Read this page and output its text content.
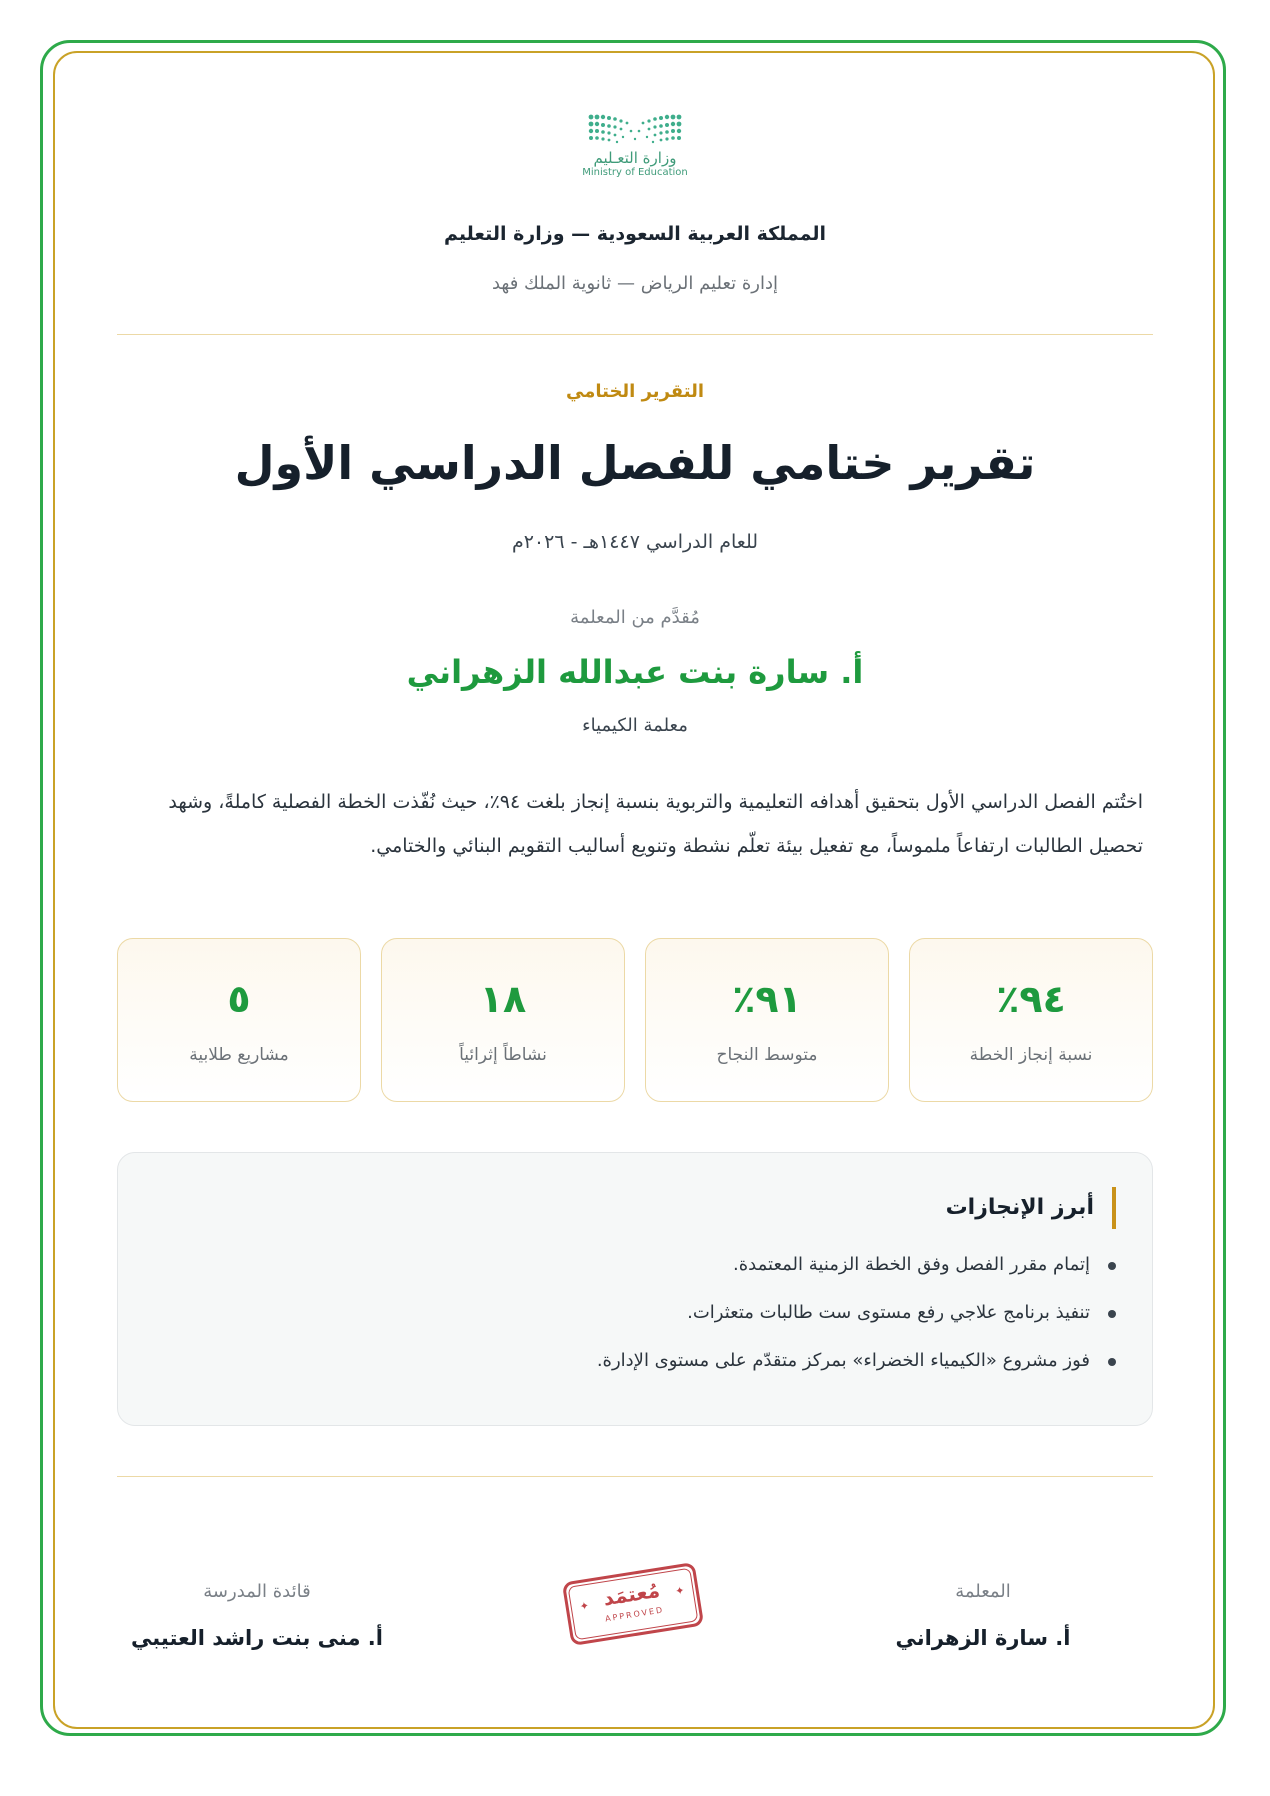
وزارة التعـليم
Ministry of Education
المملكة العربية السعودية — وزارة التعليم
إدارة تعليم الرياض — ثانوية الملك فهد
التقرير الختامي
تقرير ختامي للفصل الدراسي الأول
للعام الدراسي ١٤٤٧هـ - ٢٠٢٦م
مُقدَّم من المعلمة
أ. سارة بنت عبدالله الزهراني
معلمة الكيمياء
اختُتم الفصل الدراسي الأول بتحقيق أهدافه التعليمية والتربوية بنسبة إنجاز بلغت ٩٤٪، حيث نُفّذت الخطة الفصلية كاملةً، وشهد تحصيل الطالبات ارتفاعاً ملموساً، مع تفعيل بيئة تعلّم نشطة وتنويع أساليب التقويم البنائي والختامي.
٩٤٪
نسبة إنجاز الخطة
٩١٪
متوسط النجاح
١٨
نشاطاً إثرائياً
٥
مشاريع طلابية
أبرز الإنجازات
إتمام مقرر الفصل وفق الخطة الزمنية المعتمدة.
تنفيذ برنامج علاجي رفع مستوى ست طالبات متعثرات.
فوز مشروع «الكيمياء الخضراء» بمركز متقدّم على مستوى الإدارة.
المعلمة
أ. سارة الزهراني
✦
✦
مُعتمَد
APPROVED
قائدة المدرسة
أ. منى بنت راشد العتيبي
